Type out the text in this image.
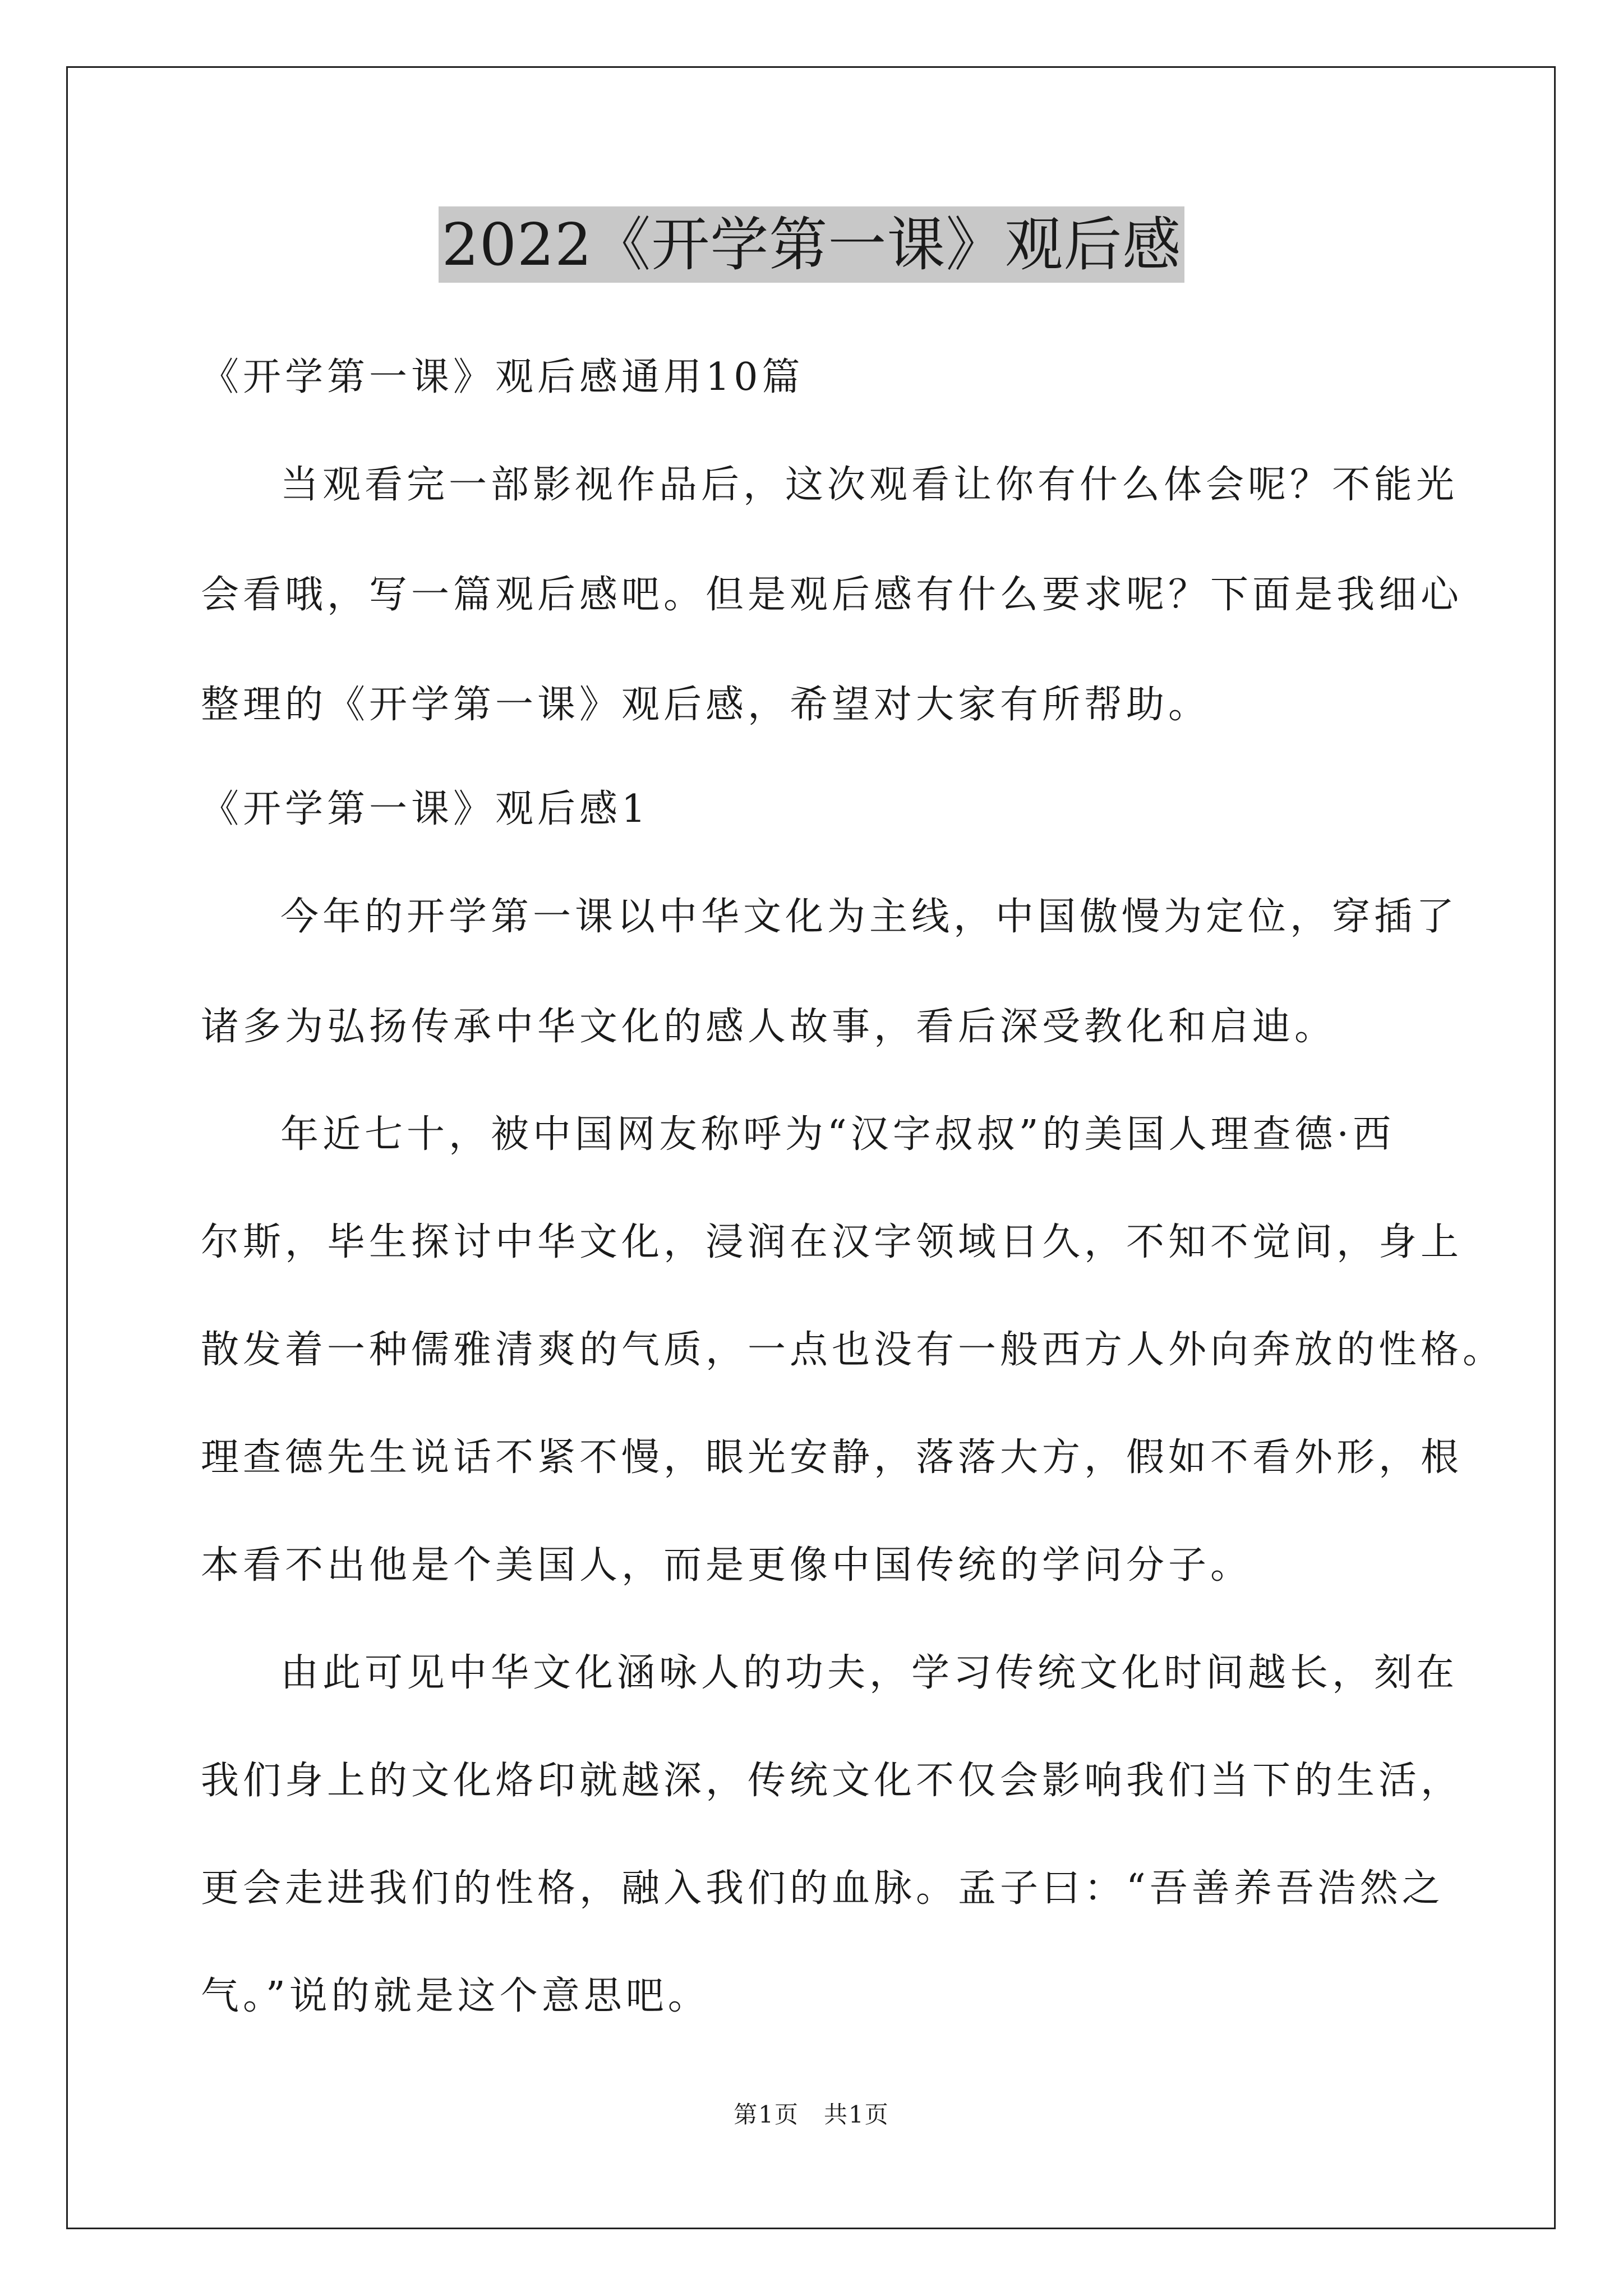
2022《开学第一课》观后感
《开学第一课》观后感通用10篇
当观看完一部影视作品后，这次观看让你有什么体会呢？不能光
会看哦，写一篇观后感吧。但是观后感有什么要求呢？下面是我细心
整理的《开学第一课》观后感，希望对大家有所帮助。
《开学第一课》观后感1
今年的开学第一课以中华文化为主线，中国傲慢为定位，穿插了
诸多为弘扬传承中华文化的感人故事，看后深受教化和启迪。
年近七十，被中国网友称呼为“汉字叔叔”的美国人理查德·西
尔斯，毕生探讨中华文化，浸润在汉字领域日久，不知不觉间，身上
散发着一种儒雅清爽的气质，一点也没有一般西方人外向奔放的性格。
理查德先生说话不紧不慢，眼光安静，落落大方，假如不看外形，根
本看不出他是个美国人，而是更像中国传统的学问分子。
由此可见中华文化涵咏人的功夫，学习传统文化时间越长，刻在
我们身上的文化烙印就越深，传统文化不仅会影响我们当下的生活，
更会走进我们的性格，融入我们的血脉。孟子曰：“吾善养吾浩然之
气。”说的就是这个意思吧。
第1页　共1页
